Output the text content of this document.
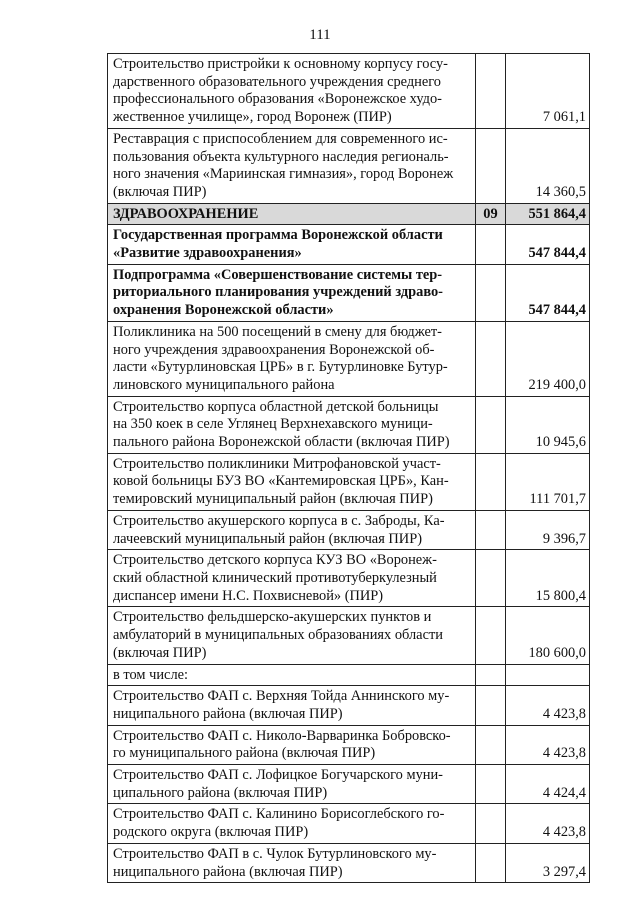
111
Строительство пристройки к основному корпусу госу-
дарственного образовательного учреждения среднего
профессионального образования «Воронежское худо-
жественное училище», город Воронеж (ПИР)		7 061,1

Реставрация с приспособлением для современного ис-
пользования объекта культурного наследия региональ-
ного значения «Мариинская гимназия», город Воронеж
(включая ПИР)		14 360,5

ЗДРАВООХРАНЕНИЕ	09	551 864,4

Государственная программа Воронежской области
«Развитие здравоохранения»		547 844,4

Подпрограмма «Совершенствование системы тер-
риториального планирования учреждений здраво-
охранения Воронежской области»		547 844,4

Поликлиника на 500 посещений в смену для бюджет-
ного учреждения здравоохранения Воронежской об-
ласти «Бутурлиновская ЦРБ» в г. Бутурлиновке Бутур-
линовского муниципального района		219 400,0

Строительство корпуса областной детской больницы
на 350 коек в селе Углянец Верхнехавского муници-
пального района Воронежской области (включая ПИР)		10 945,6

Строительство поликлиники Митрофановской участ-
ковой больницы БУЗ ВО «Кантемировская ЦРБ», Кан-
темировский муниципальный район (включая ПИР)		111 701,7

Строительство акушерского корпуса в с. Заброды, Ка-
лачеевский муниципальный район (включая ПИР)		9 396,7

Строительство детского корпуса КУЗ ВО «Воронеж-
ский областной клинический противотуберкулезный
диспансер имени Н.С. Похвисневой» (ПИР)		15 800,4

Строительство фельдшерско-акушерских пунктов и
амбулаторий в муниципальных образованиях области
(включая ПИР)		180 600,0

в том числе:		

Строительство ФАП с. Верхняя Тойда Аннинского му-
ниципального района (включая ПИР)		4 423,8

Строительство ФАП с. Николо-Варваринка Бобровско-
го муниципального района (включая ПИР)		4 423,8

Строительство ФАП с. Лофицкое Богучарского муни-
ципального района (включая ПИР)		4 424,4

Строительство ФАП с. Калинино Борисоглебского го-
родского округа (включая ПИР)		4 423,8

Строительство ФАП в с. Чулок Бутурлиновского му-
ниципального района (включая ПИР)		3 297,4
